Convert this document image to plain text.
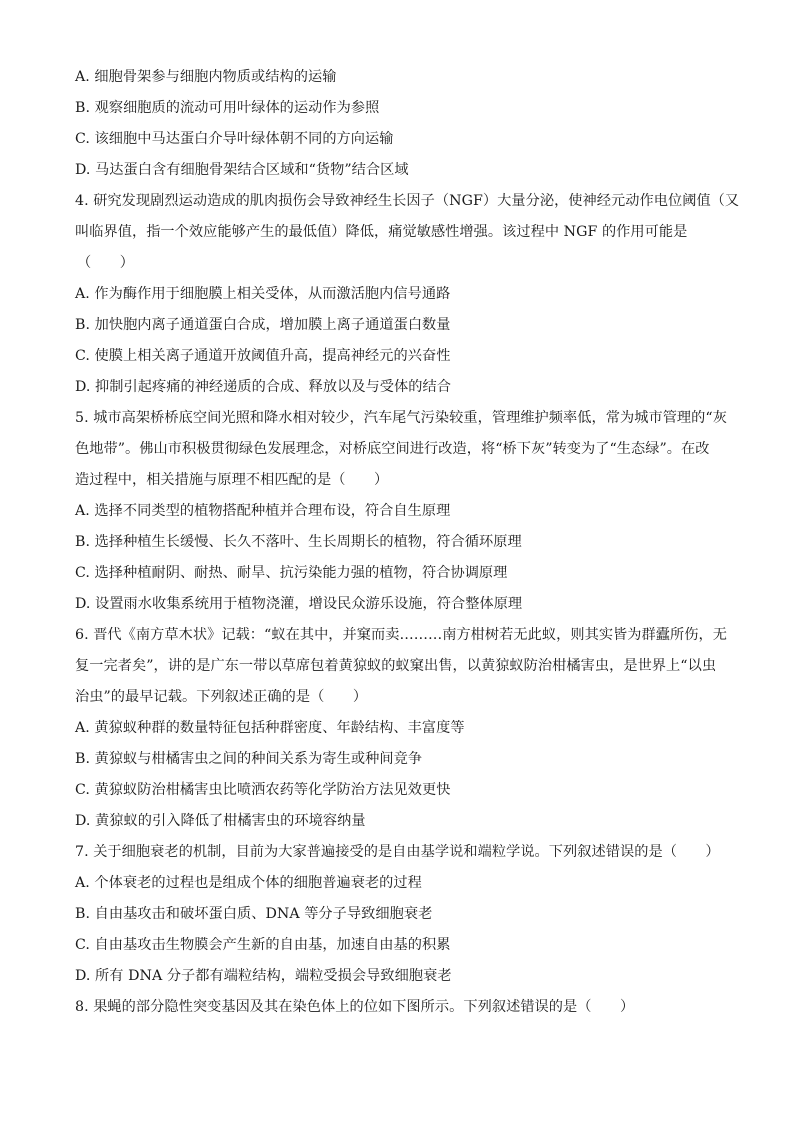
A. 细胞骨架参与细胞内物质或结构的运输
B. 观察细胞质的流动可用叶绿体的运动作为参照
C. 该细胞中马达蛋白介导叶绿体朝不同的方向运输
D. 马达蛋白含有细胞骨架结合区域和“货物”结合区域
4. 研究发现剧烈运动造成的肌肉损伤会导致神经生长因子（NGF）大量分泌，使神经元动作电位阈值（又
叫临界值，指一个效应能够产生的最低值）降低，痛觉敏感性增强。该过程中 NGF 的作用可能是
（　　）
A. 作为酶作用于细胞膜上相关受体，从而激活胞内信号通路
B. 加快胞内离子通道蛋白合成，增加膜上离子通道蛋白数量
C. 使膜上相关离子通道开放阈值升高，提高神经元的兴奋性
D. 抑制引起疼痛的神经递质的合成、释放以及与受体的结合
5. 城市高架桥桥底空间光照和降水相对较少，汽车尾气污染较重，管理维护频率低，常为城市管理的“灰
色地带”。佛山市积极贯彻绿色发展理念，对桥底空间进行改造，将“桥下灰”转变为了“生态绿”。在改
造过程中，相关措施与原理不相匹配的是（　　）
A. 选择不同类型的植物搭配种植并合理布设，符合自生原理
B. 选择种植生长缓慢、长久不落叶、生长周期长的植物，符合循环原理
C. 选择种植耐阴、耐热、耐旱、抗污染能力强的植物，符合协调原理
D. 设置雨水收集系统用于植物浇灌，增设民众游乐设施，符合整体原理
6. 晋代《南方草木状》记载：“蚁在其中，并窠而卖………南方柑树若无此蚁，则其实皆为群蠹所伤，无
复一完者矣”，讲的是广东一带以草席包着黄猄蚁的蚁窠出售，以黄猄蚁防治柑橘害虫，是世界上“以虫
治虫”的最早记载。下列叙述正确的是（　　）
A. 黄猄蚁种群的数量特征包括种群密度、年龄结构、丰富度等
B. 黄猄蚁与柑橘害虫之间的种间关系为寄生或种间竞争
C. 黄猄蚁防治柑橘害虫比喷洒农药等化学防治方法见效更快
D. 黄猄蚁的引入降低了柑橘害虫的环境容纳量
7. 关于细胞衰老的机制，目前为大家普遍接受的是自由基学说和端粒学说。下列叙述错误的是（　　）
A. 个体衰老的过程也是组成个体的细胞普遍衰老的过程
B. 自由基攻击和破坏蛋白质、DNA 等分子导致细胞衰老
C. 自由基攻击生物膜会产生新的自由基，加速自由基的积累
D. 所有 DNA 分子都有端粒结构，端粒受损会导致细胞衰老
8. 果蝇的部分隐性突变基因及其在染色体上的位如下图所示。下列叙述错误的是（　　）
